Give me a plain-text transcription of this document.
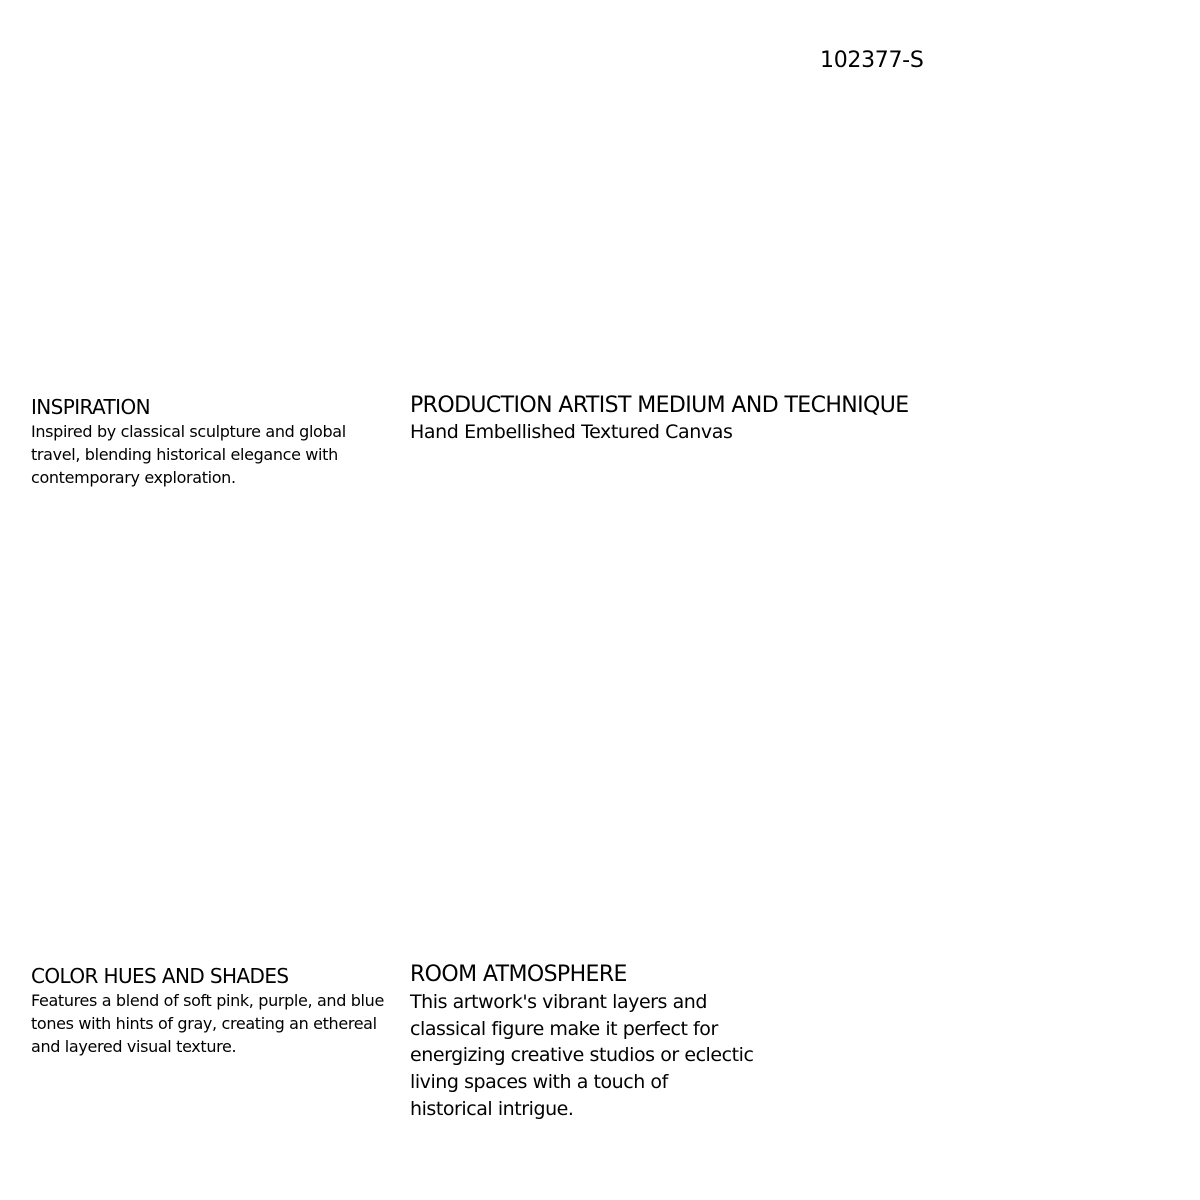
102377-S
INSPIRATION

Inspired by classical sculpture and global travel, blending historical elegance with contemporary exploration.

PRODUCTION ARTIST MEDIUM AND TECHNIQUE

Hand Embellished Textured Canvas

COLOR HUES AND SHADES

Features a blend of soft pink, purple, and blue tones with hints of gray, creating an ethereal and layered visual texture.

ROOM ATMOSPHERE

This artwork's vibrant layers and classical figure make it perfect for energizing creative studios or eclectic living spaces with a touch of historical intrigue.
